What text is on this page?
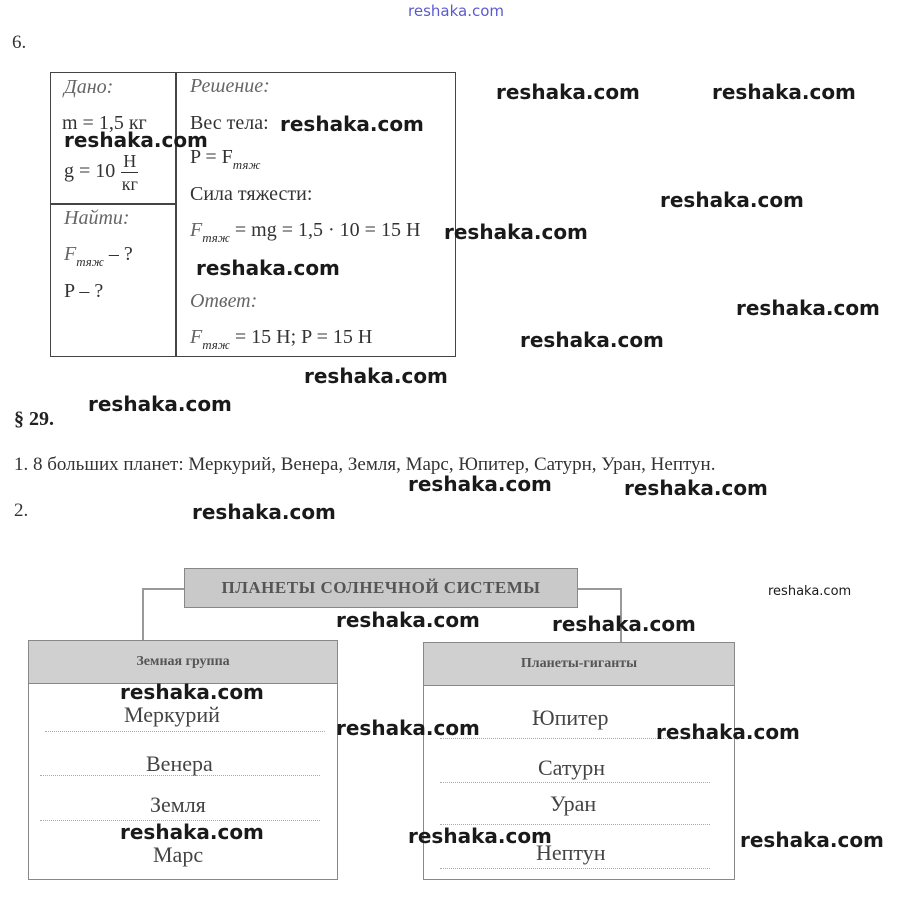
reshaka.com
6.
Дано:
m = 1,5 кг
$g = 10 \frac{Н}{кг}$
Найти:
$F_{тяж}$ – ?
P – ?
Решение:
Вес тела:
$P = F_{тяж}$
Сила тяжести:
$F_{тяж}$ = mg = 1,5 · 10 = 15 Н
Ответ:
$F_{тяж} = 15$ Н; P = 15 Н
§ 29.
1. 8 больших планет: Меркурий, Венера, Земля, Марс, Юпитер, Сатурн, Уран, Нептун.
2.
ПЛАНЕТЫ СОЛНЕЧНОЙ СИСТЕМЫ
Земная группа
Меркурий
Венера
Земля
Марс
Планеты-гиганты
Юпитер
Сатурн
Уран
Нептун
reshaka.com	reshaka.com
reshaka.com
reshaka.com
reshaka.com
reshaka.com
reshaka.com
reshaka.com
reshaka.com
reshaka.com
reshaka.com
reshaka.com	reshaka.com
reshaka.com
reshaka.com
reshaka.com	reshaka.com
reshaka.com
reshaka.com	reshaka.com
reshaka.com	reshaka.com	reshaka.com
